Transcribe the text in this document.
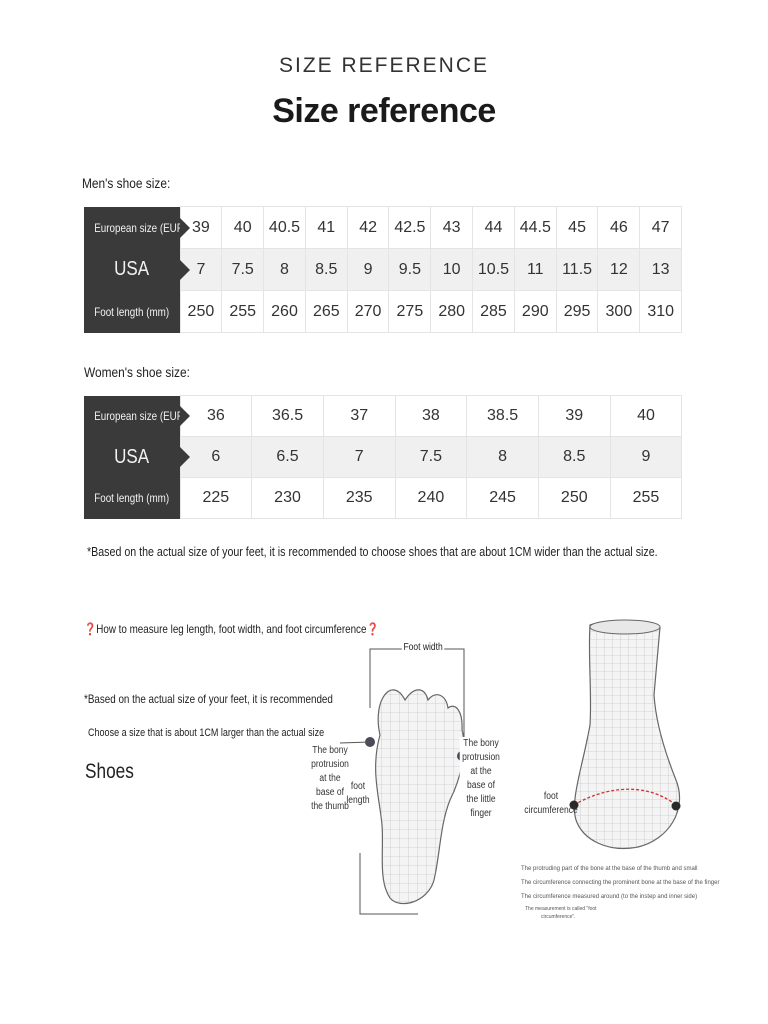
SIZE REFERENCE
Size reference
Men's shoe size:
European size (EUR)	39	40	40.5	41	42	42.5	43	44	44.5	45	46	47
USA	7	7.5	8	8.5	9	9.5	10	10.5	11	11.5	12	13
Foot length (mm)	250	255	260	265	270	275	280	285	290	295	300	310
Women's shoe size:
European size (EUR)	36	36.5	37	38	38.5	39	40
USA	6	6.5	7	7.5	8	8.5	9
Foot length (mm)	225	230	235	240	245	250	255
*Based on the actual size of your feet, it is recommended to choose shoes that are about 1CM wider than the actual size.
❓How to measure leg length, foot width, and foot circumference❓
*Based on the actual size of your feet, it is recommended
Choose a size that is about 1CM larger than the actual size
Shoes
Foot width
The bony
protrusion
at the
base of
the thumb
foot
length
The bony
protrusion
at the
base of
the little
finger
foot
circumference
The protruding part of the bone at the base of the thumb and small
The circumference connecting the prominent bone at the base of the finger
The circumference measured around (to the instep and inner side)
The measurement is called "foot
circumference".
